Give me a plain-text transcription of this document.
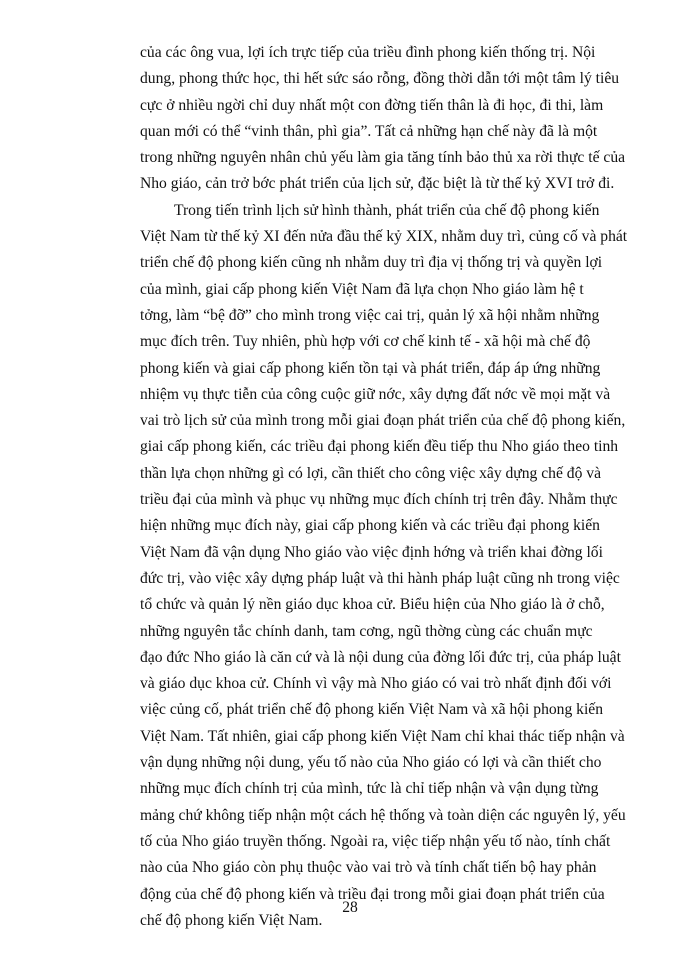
của các ông vua, lợi ích trực tiếp của triều đình phong kiến thống trị. Nội
dung, phong thức học, thi hết sức sáo rỗng, đồng thời dẫn tới một tâm lý tiêu
cực ở nhiều ngời chỉ duy nhất một con đờng tiến thân là đi học, đi thi, làm
quan mới có thể “vinh thân, phì gia”. Tất cả những hạn chế này đã là một
trong những nguyên nhân chủ yếu làm gia tăng tính bảo thủ xa rời thực tế của
Nho giáo, cản trở bớc phát triển của lịch sử, đặc biệt là từ thế kỷ XVI trở đi.
Trong tiến trình lịch sử hình thành, phát triển của chế độ phong kiến
Việt Nam từ thế kỷ XI đến nửa đầu thế kỷ XIX, nhằm duy trì, củng cố và phát
triển chế độ phong kiến cũng nh nhằm duy trì địa vị thống trị và quyền lợi
của mình, giai cấp phong kiến Việt Nam đã lựa chọn Nho giáo làm hệ t
tởng, làm “bệ đỡ” cho mình trong việc cai trị, quản lý xã hội nhằm những
mục đích trên. Tuy nhiên, phù hợp với cơ chế kinh tế - xã hội mà chế độ
phong kiến và giai cấp phong kiến tồn tại và phát triển, đáp áp ứng những
nhiệm vụ thực tiễn của công cuộc giữ nớc, xây dựng đất nớc về mọi mặt và
vai trò lịch sử của mình trong mỗi giai đoạn phát triển của chế độ phong kiến,
giai cấp phong kiến, các triều đại phong kiến đều tiếp thu Nho giáo theo tinh
thần lựa chọn những gì có lợi, cần thiết cho công việc xây dựng chế độ và
triều đại của mình và phục vụ những mục đích chính trị trên đây. Nhằm thực
hiện những mục đích này, giai cấp phong kiến và các triều đại phong kiến
Việt Nam đã vận dụng Nho giáo vào việc định hớng và triển khai đờng lối
đức trị, vào việc xây dựng pháp luật và thi hành pháp luật cũng nh trong việc
tổ chức và quản lý nền giáo dục khoa cử. Biểu hiện của Nho giáo là ở chỗ,
những nguyên tắc chính danh, tam cơng, ngũ thờng cùng các chuẩn mực
đạo đức Nho giáo là căn cứ và là nội dung của đờng lối đức trị, của pháp luật
và giáo dục khoa cử. Chính vì vậy mà Nho giáo có vai trò nhất định đối với
việc củng cố, phát triển chế độ phong kiến Việt Nam và xã hội phong kiến
Việt Nam. Tất nhiên, giai cấp phong kiến Việt Nam chỉ khai thác tiếp nhận và
vận dụng những nội dung, yếu tố nào của Nho giáo có lợi và cần thiết cho
những mục đích chính trị của mình, tức là chỉ tiếp nhận và vận dụng từng
mảng chứ không tiếp nhận một cách hệ thống và toàn diện các nguyên lý, yếu
tố của Nho giáo truyền thống. Ngoài ra, việc tiếp nhận yếu tố nào, tính chất
nào của Nho giáo còn phụ thuộc vào vai trò và tính chất tiến bộ hay phản
động của chế độ phong kiến và triều đại trong mỗi giai đoạn phát triển của
chế độ phong kiến Việt Nam.
28
